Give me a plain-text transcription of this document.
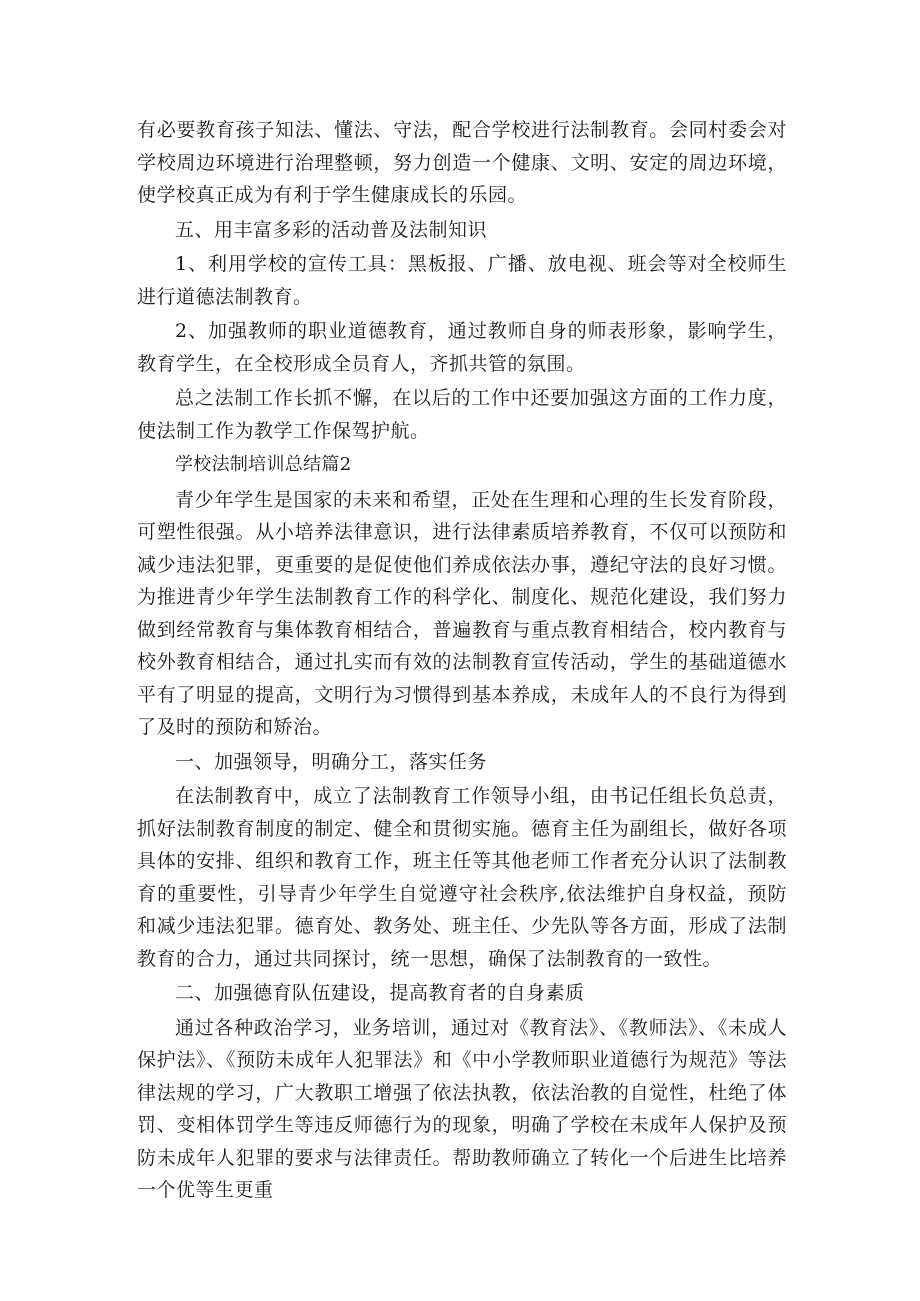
有必要教育孩子知法、懂法、守法，配合学校进行法制教育。会同村委会对学校周边环境进行治理整顿，努力创造一个健康、文明、安定的周边环境，使学校真正成为有利于学生健康成长的乐园。

五、用丰富多彩的活动普及法制知识

1、利用学校的宣传工具：黑板报、广播、放电视、班会等对全校师生进行道德法制教育。

2、加强教师的职业道德教育，通过教师自身的师表形象，影响学生，教育学生，在全校形成全员育人，齐抓共管的氛围。

总之法制工作长抓不懈，在以后的工作中还要加强这方面的工作力度，使法制工作为教学工作保驾护航。

学校法制培训总结篇2

青少年学生是国家的未来和希望，正处在生理和心理的生长发育阶段，可塑性很强。从小培养法律意识，进行法律素质培养教育，不仅可以预防和减少违法犯罪，更重要的是促使他们养成依法办事，遵纪守法的良好习惯。为推进青少年学生法制教育工作的科学化、制度化、规范化建设，我们努力做到经常教育与集体教育相结合，普遍教育与重点教育相结合，校内教育与校外教育相结合，通过扎实而有效的法制教育宣传活动，学生的基础道德水平有了明显的提高，文明行为习惯得到基本养成，未成年人的不良行为得到了及时的预防和矫治。

一、加强领导，明确分工，落实任务

在法制教育中，成立了法制教育工作领导小组，由书记任组长负总责，抓好法制教育制度的制定、健全和贯彻实施。德育主任为副组长，做好各项具体的安排、组织和教育工作，班主任等其他老师工作者充分认识了法制教育的重要性，引导青少年学生自觉遵守社会秩序,依法维护自身权益，预防和减少违法犯罪。德育处、教务处、班主任、少先队等各方面，形成了法制教育的合力，通过共同探讨，统一思想，确保了法制教育的一致性。

二、加强德育队伍建设，提高教育者的自身素质

通过各种政治学习，业务培训，通过对《教育法》、《教师法》、《未成人保护法》、《预防未成年人犯罪法》和《中小学教师职业道德行为规范》等法律法规的学习，广大教职工增强了依法执教，依法治教的自觉性，杜绝了体罚、变相体罚学生等违反师德行为的现象，明确了学校在未成年人保护及预防未成年人犯罪的要求与法律责任。帮助教师确立了转化一个后进生比培养一个优等生更重
